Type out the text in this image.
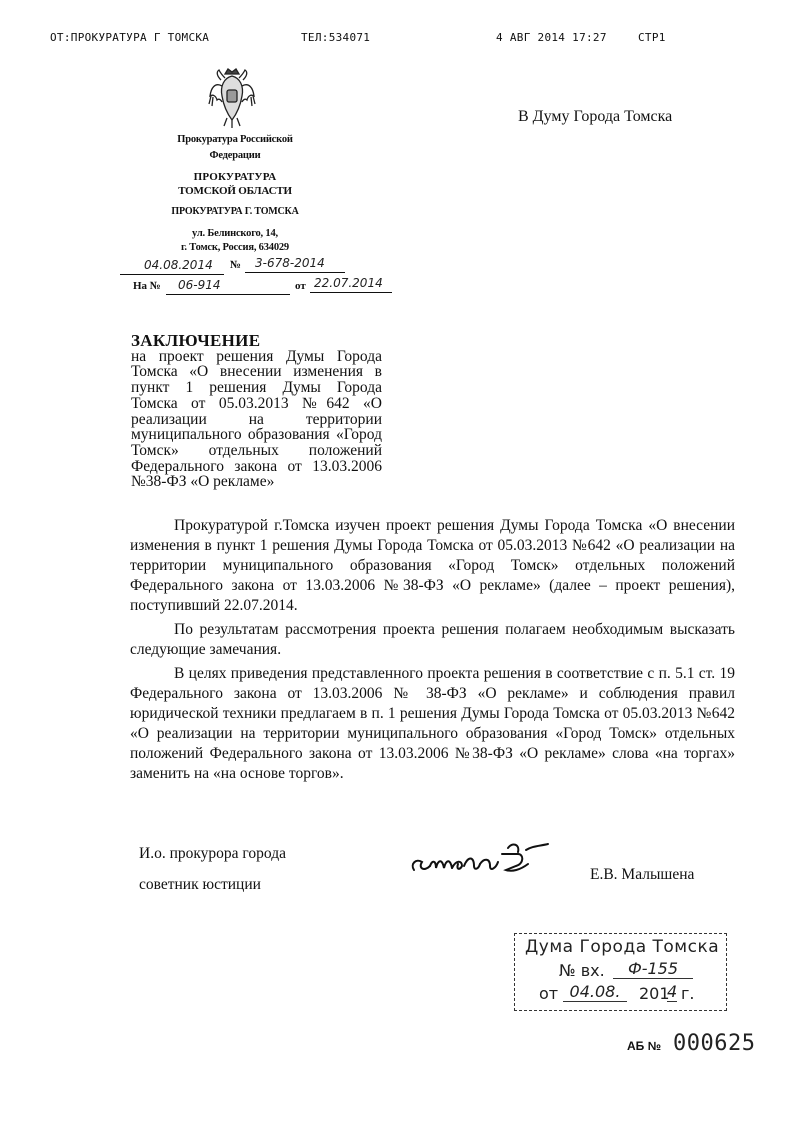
ОТ:ПРОКУРАТУРА Г ТОМСКА	ТЕЛ:534071	4 АВГ 2014 17:27	СТР1
Прокуратура Российской
Федерации
ПРОКУРАТУРА
ТОМСКОЙ ОБЛАСТИ
ПРОКУРАТУРА Г. ТОМСКА
ул. Белинского, 14,
г. Томск, Россия, 634029
04.08.2014 № 3-678-2014
На № 06-914	от 22.07.2014
В Думу Города Томска
ЗАКЛЮЧЕНИЕ
на проект решения Думы Города Томска «О внесении изменения в пункт 1 решения Думы Города Томска от 05.03.2013 №642 «О реализации на территории муниципального образования «Город Томск» отдельных положений Федерального закона от 13.03.2006 №38-ФЗ «О рекламе»

Прокуратурой г.Томска изучен проект решения Думы Города Томска «О внесении изменения в пункт 1 решения Думы Города Томска от 05.03.2013 №642 «О реализации на территории муниципального образования «Город Томск» отдельных положений Федерального закона от 13.03.2006 №38-ФЗ «О рекламе» (далее – проект решения), поступивший 22.07.2014.

По результатам рассмотрения проекта решения полагаем необходимым высказать следующие замечания.

В целях приведения представленного проекта решения в соответствие с п. 5.1 ст. 19 Федерального закона от 13.03.2006 № 38-ФЗ «О рекламе» и соблюдения правил юридической техники предлагаем в п. 1 решения Думы Города Томска от 05.03.2013 №642 «О реализации на территории муниципального образования «Город Томск» отдельных положений Федерального закона от 13.03.2006 №38-ФЗ «О рекламе» слова «на торгах» заменить на «на основе торгов».

И.о. прокурора города
советник юстиции
Е.В. Малышена
Дума Города Томска
№ вх.	Ф-155
от 04.08.	201
4 г.
АБ № 000625
